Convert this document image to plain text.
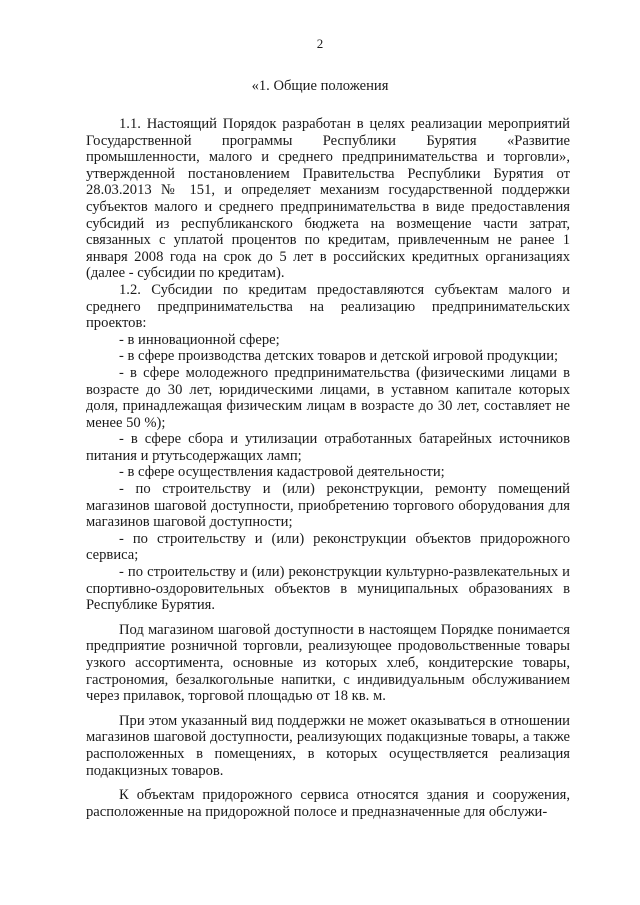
2
«1. Общие положения

1.1. Настоящий Порядок разработан в целях реализации мероприятий Государственной программы Республики Бурятия «Развитие промышленности, малого и среднего предпринимательства и торговли», утвержденной постановлением Правительства Республики Бурятия от 28.03.2013 № 151, и определяет механизм государственной поддержки субъектов малого и среднего предпринимательства в виде предоставления субсидий из республиканского бюджета на возмещение части затрат, связанных с уплатой процентов по кредитам, привлеченным не ранее 1 января 2008 года на срок до 5 лет в российских кредитных организациях (далее - субсидии по кредитам).

1.2. Субсидии по кредитам предоставляются субъектам малого и среднего предпринимательства на реализацию предпринимательских проектов:

- в инновационной сфере;

- в сфере производства детских товаров и детской игровой продукции;

- в сфере молодежного предпринимательства (физическими лицами в возрасте до 30 лет, юридическими лицами, в уставном капитале которых доля, принадлежащая физическим лицам в возрасте до 30 лет, составляет не менее 50 %);

- в сфере сбора и утилизации отработанных батарейных источников питания и ртутьсодержащих ламп;

- в сфере осуществления кадастровой деятельности;

- по строительству и (или) реконструкции, ремонту помещений магазинов шаговой доступности, приобретению торгового оборудования для магазинов шаговой доступности;

- по строительству и (или) реконструкции объектов придорожного сервиса;

- по строительству и (или) реконструкции культурно-развлекательных и спортивно-оздоровительных объектов в муниципальных образованиях в Республике Бурятия.

Под магазином шаговой доступности в настоящем Порядке понимается предприятие розничной торговли, реализующее продовольственные товары узкого ассортимента, основные из которых хлеб, кондитерские товары, гастрономия, безалкогольные напитки, с индивидуальным обслуживанием через прилавок, торговой площадью от 18 кв. м.

При этом указанный вид поддержки не может оказываться в отношении магазинов шаговой доступности, реализующих подакцизные товары, а также расположенных в помещениях, в которых осуществляется реализация подакцизных товаров.

К объектам придорожного сервиса относятся здания и сооружения, расположенные на придорожной полосе и предназначенные для обслужи-
